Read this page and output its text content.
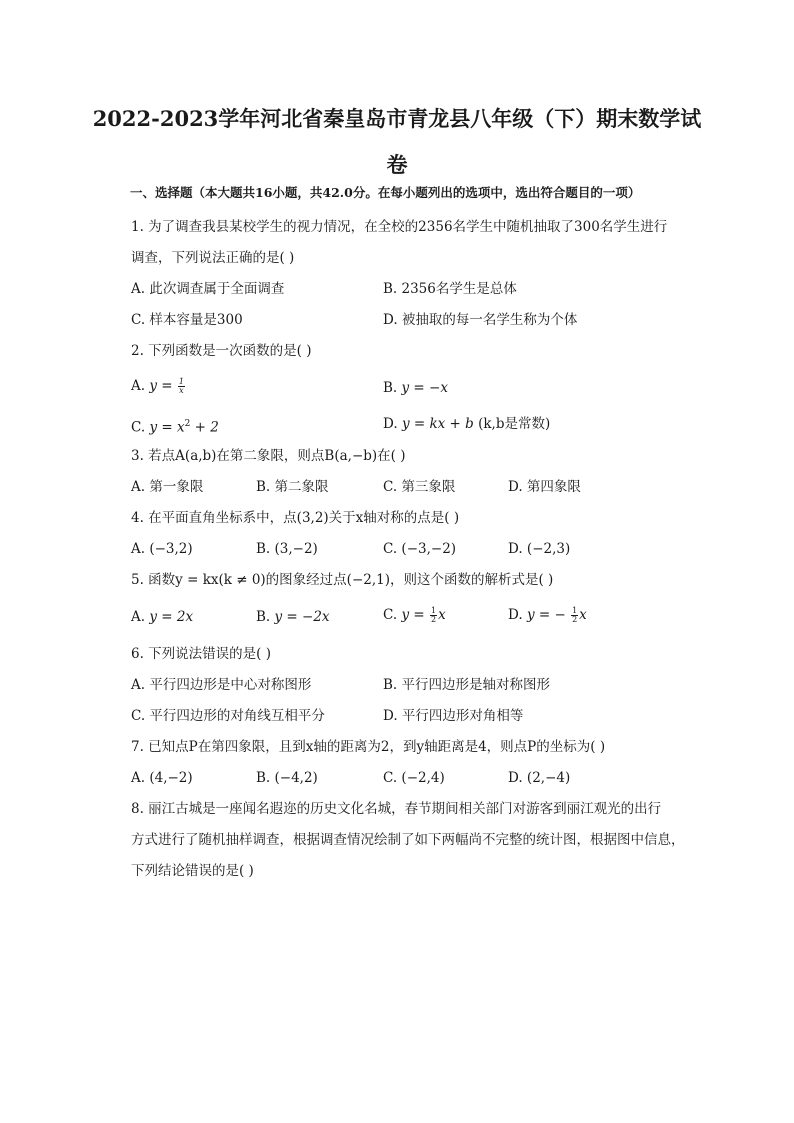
2022-2023学年河北省秦皇岛市青龙县八年级（下）期末数学试
卷
一、选择题（本大题共16小题，共42.0分。在每小题列出的选项中，选出符合题目的一项）
1. 为了调查我县某校学生的视力情况，在全校的2356名学生中随机抽取了300名学生进行
调查，下列说法正确的是( )
A. 此次调查属于全面调查	B. 2356名学生是总体
C. 样本容量是300	D. 被抽取的每一名学生称为个体
2. 下列函数是一次函数的是( )
A. $y = \frac{1}{x}$	B. y = −x
C. $y = x^2 + 2$	D. y = kx + b (k,b是常数)
3. 若点A(a,b)在第二象限，则点B(a,−b)在( )
A. 第一象限	B. 第二象限	C. 第三象限	D. 第四象限
4. 在平面直角坐标系中，点(3,2)关于x轴对称的点是( )
A. (−3,2)	B. (3,−2)	C. (−3,−2)	D. (−2,3)
5. 函数y = kx(k ≠ 0)的图象经过点(−2,1)，则这个函数的解析式是( )
A. y = 2x	B. y = −2x	C. $y = \frac{1}{2}$ x	D. y = − $\frac{1}{2}$ x
6. 下列说法错误的是( )
A. 平行四边形是中心对称图形	B. 平行四边形是轴对称图形
C. 平行四边形的对角线互相平分	D. 平行四边形对角相等
7. 已知点P在第四象限，且到x轴的距离为2，到y轴距离是4，则点P的坐标为( )
A. (4,−2)	B. (−4,2)	C. (−2,4)	D. (2,−4)
8. 丽江古城是一座闻名遐迩的历史文化名城，春节期间相关部门对游客到丽江观光的出行
方式进行了随机抽样调查，根据调查情况绘制了如下两幅尚不完整的统计图，根据图中信息，
下列结论错误的是( )
